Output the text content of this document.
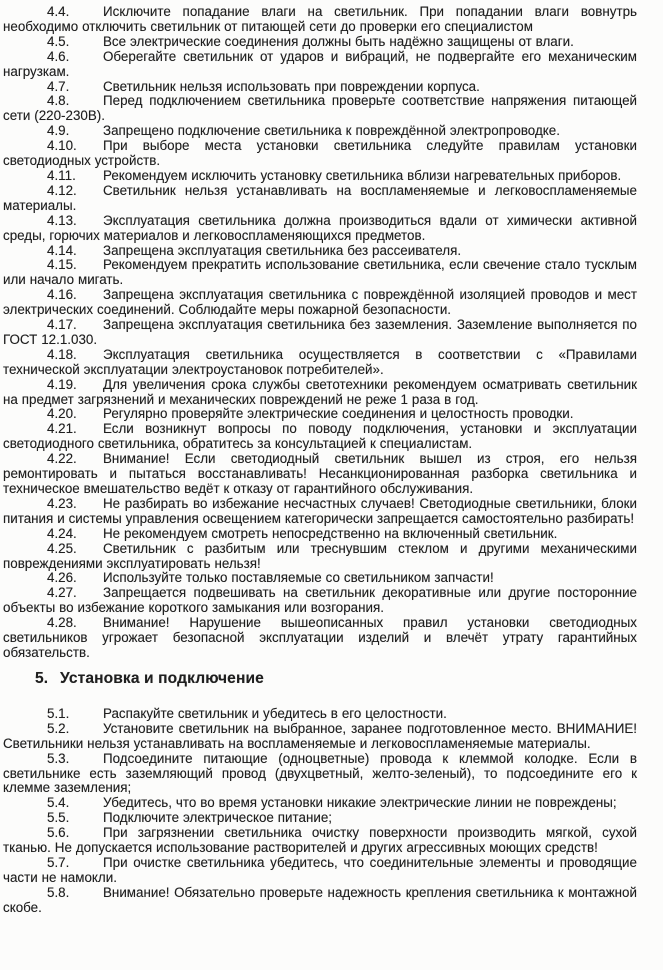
4.4.	Исключите попадание влаги на светильник. При попадании влаги вовнутрь необходимо отключить светильник от питающей сети до проверки его специалистом

4.5.	Все электрические соединения должны быть надёжно защищены от влаги.

4.6.	Оберегайте светильник от ударов и вибраций, не подвергайте его механическим нагрузкам.

4.7.	Светильник нельзя использовать при повреждении корпуса.

4.8.	Перед подключением светильника проверьте соответствие напряжения питающей сети (220-230В).

4.9.	Запрещено подключение светильника к повреждённой электропроводке.

4.10. При выборе места установки светильника следуйте правилам установки светодиодных устройств.

4.11. Рекомендуем исключить установку светильника вблизи нагревательных приборов.

4.12. Светильник нельзя устанавливать на воспламеняемые и легковоспламеняемые материалы.

4.13. Эксплуатация светильника должна производиться вдали от химически активной среды, горючих материалов и легковоспламеняющихся предметов.

4.14. Запрещена эксплуатация светильника без рассеивателя.

4.15. Рекомендуем прекратить использование светильника, если свечение стало тусклым или начало мигать.

4.16. Запрещена эксплуатация светильника с повреждённой изоляцией проводов и мест электрических соединений. Соблюдайте меры пожарной безопасности.

4.17. Запрещена эксплуатация светильника без заземления. Заземление выполняется по ГОСТ 12.1.030.

4.18. Эксплуатация светильника осуществляется в соответствии с «Правилами технической эксплуатации электроустановок потребителей».

4.19. Для увеличения срока службы светотехники рекомендуем осматривать светильник на предмет загрязнений и механических повреждений не реже 1 раза в год.

4.20. Регулярно проверяйте электрические соединения и целостность проводки.

4.21. Если возникнут вопросы по поводу подключения, установки и эксплуатации светодиодного светильника, обратитесь за консультацией к специалистам.

4.22. Внимание! Если светодиодный светильник вышел из строя, его нельзя ремонтировать и пытаться восстанавливать! Несанкционированная разборка светильника и техническое вмешательство ведёт к отказу от гарантийного обслуживания.

4.23. Не разбирать во избежание несчастных случаев! Светодиодные светильники, блоки питания и системы управления освещением категорически запрещается самостоятельно разбирать!

4.24. Не рекомендуем смотреть непосредственно на включенный светильник.

4.25. Светильник с разбитым или треснувшим стеклом и другими механическими повреждениями эксплуатировать нельзя!

4.26. Используйте только поставляемые со светильником запчасти!

4.27. Запрещается подвешивать на светильник декоративные или другие посторонние объекты во избежание короткого замыкания или возгорания.

4.28. Внимание! Нарушение вышеописанных правил установки светодиодных светильников угрожает безопасной эксплуатации изделий и влечёт утрату гарантийных обязательств.

5. Установка и подключение

5.1.	Распакуйте светильник и убедитесь в его целостности.

5.2.	Установите светильник на выбранное, заранее подготовленное место. ВНИМАНИЕ! Светильники нельзя устанавливать на воспламеняемые и легковоспламеняемые материалы.

5.3.	Подсоедините питающие (одноцветные) провода к клеммой колодке. Если в светильнике есть заземляющий провод (двухцветный, желто-зеленый), то подсоедините его к клемме заземления;

5.4.	Убедитесь, что во время установки никакие электрические линии не повреждены;

5.5.	Подключите электрическое питание;

5.6.	При загрязнении светильника очистку поверхности производить мягкой, сухой тканью. Не допускается использование растворителей и других агрессивных моющих средств!

5.7.	При очистке светильника убедитесь, что соединительные элементы и проводящие части не намокли.

5.8.	Внимание! Обязательно проверьте надежность крепления светильника к монтажной скобе.
